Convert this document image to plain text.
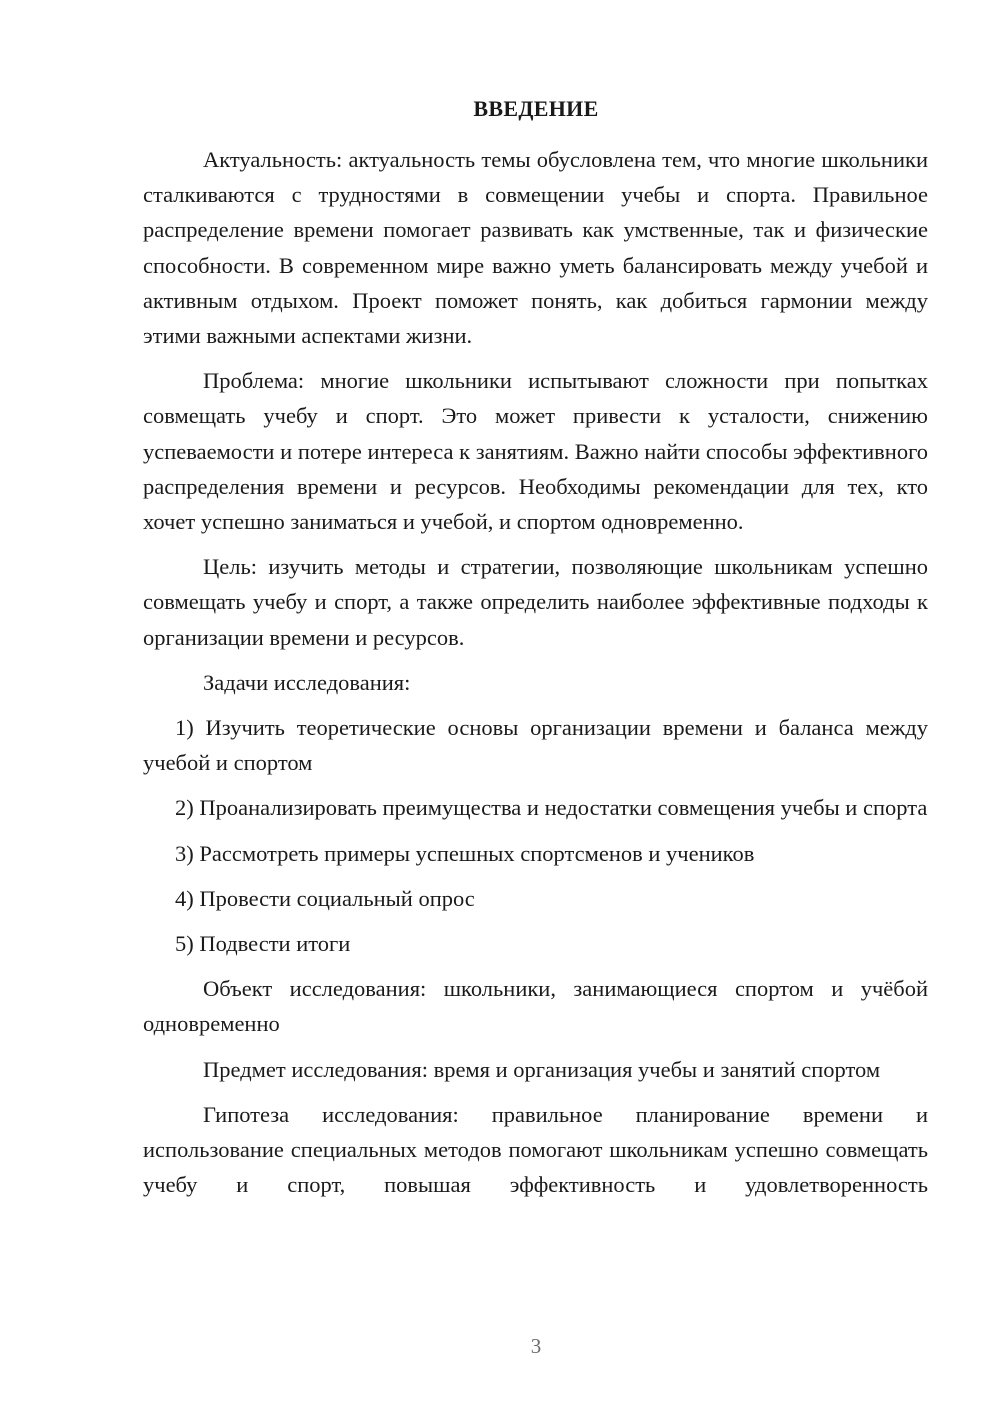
ВВЕДЕНИЕ

Актуальность: актуальность темы обусловлена тем, что многие школьники сталкиваются с трудностями в совмещении учебы и спорта. Правильное распределение времени помогает развивать как умственные, так и физические способности. В современном мире важно уметь балансировать между учебой и активным отдыхом. Проект поможет понять, как добиться гармонии между этими важными аспектами жизни.

Проблема: многие школьники испытывают сложности при попытках совмещать учебу и спорт. Это может привести к усталости, снижению успеваемости и потере интереса к занятиям. Важно найти способы эффективного распределения времени и ресурсов. Необходимы рекомендации для тех, кто хочет успешно заниматься и учебой, и спортом одновременно.

Цель: изучить методы и стратегии, позволяющие школьникам успешно совмещать учебу и спорт, а также определить наиболее эффективные подходы к организации времени и ресурсов.

Задачи исследования:

1) Изучить теоретические основы организации времени и баланса между учебой и спортом

2) Проанализировать преимущества и недостатки совмещения учебы и спорта

3) Рассмотреть примеры успешных спортсменов и учеников

4) Провести социальный опрос

5) Подвести итоги

Объект исследования: школьники, занимающиеся спортом и учёбой одновременно

Предмет исследования: время и организация учебы и занятий спортом

Гипотеза исследования: правильное планирование времени и использование специальных методов помогают школьникам успешно совмещать учебу и спорт, повышая эффективность и удовлетворенность

3
